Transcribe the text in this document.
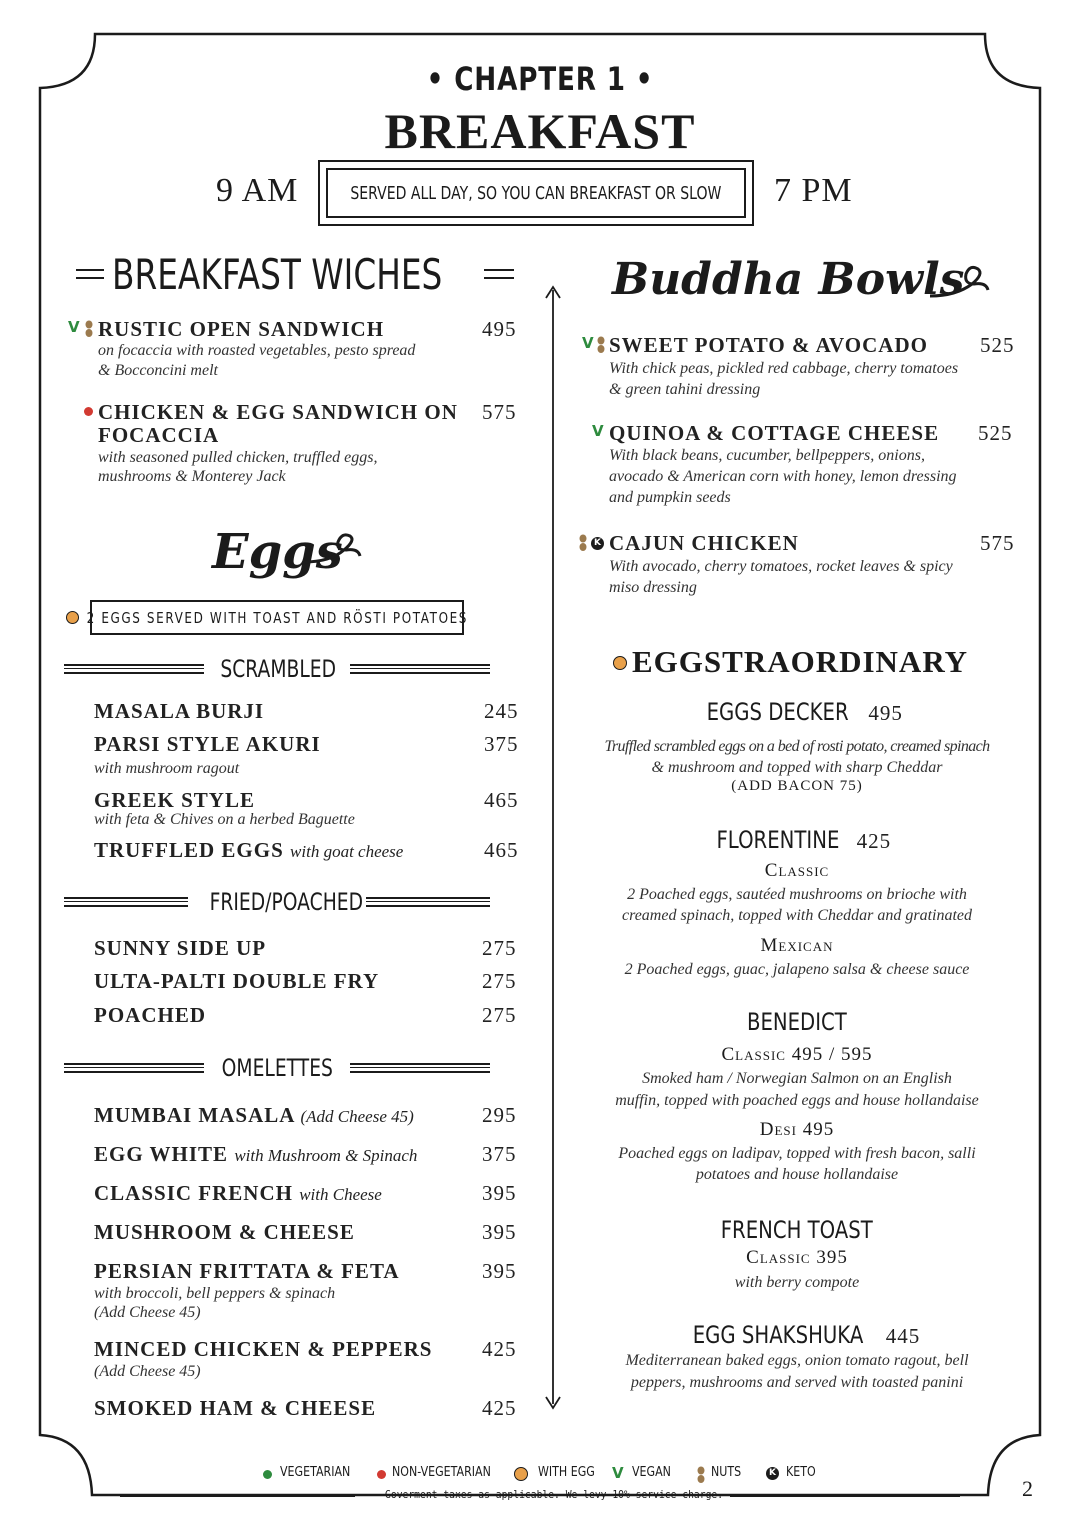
• CHAPTER 1 •
BREAKFAST
9 AM	SERVED ALL DAY, SO YOU CAN BREAKFAST OR SLOW 7 PM
BREAKFAST WICHES
V RUSTIC OPEN SANDWICH	495
on focaccia with roasted vegetables, pesto spread
& Bocconcini melt
CHICKEN & EGG SANDWICH ON
FOCACCIA
575
with seasoned pulled chicken, truffled eggs,
mushrooms & Monterey Jack
Eggs
2 EGGS SERVED WITH TOAST AND RÖSTI POTATOES
SCRAMBLED
MASALA BURJI	245
PARSI STYLE AKURI	375
with mushroom ragout
GREEK STYLE	465
with feta & Chives on a herbed Baguette
TRUFFLED EGGS with goat cheese	465
FRIED/POACHED
SUNNY SIDE UP	275
ULTA-PALTI DOUBLE FRY	275
POACHED	275
OMELETTES
MUMBAI MASALA (Add Cheese 45)	295
EGG WHITE with Mushroom & Spinach	375
CLASSIC FRENCH with Cheese	395
MUSHROOM & CHEESE	395
PERSIAN FRITTATA & FETA	395
with broccoli, bell peppers & spinach
(Add Cheese 45)
MINCED CHICKEN & PEPPERS 425
(Add Cheese 45)
SMOKED HAM & CHEESE	425
Buddha Bowls
V SWEET POTATO & AVOCADO 525
With chick peas, pickled red cabbage, cherry tomatoes
& green tahini dressing
V QUINOA & COTTAGE CHEESE 525
With black beans, cucumber, bellpeppers, onions,
avocado & American corn with honey, lemon dressing
and pumpkin seeds
K CAJUN CHICKEN	575
With avocado, cherry tomatoes, rocket leaves & spicy
miso dressing
EGGSTRAORDINARY
EGGS DECKER 495
Truffled scrambled eggs on a bed of rosti potato, creamed spinach
& mushroom and topped with sharp Cheddar
(ADD BACON 75)
FLORENTINE 425
Classic
2 Poached eggs, sautéed mushrooms on brioche with
creamed spinach, topped with Cheddar and gratinated
Mexican
2 Poached eggs, guac, jalapeno salsa & cheese sauce
BENEDICT
Classic 495 / 595
Smoked ham / Norwegian Salmon on an English
muffin, topped with poached eggs and house hollandaise
Desi 495
Poached eggs on ladipav, topped with fresh bacon, salli
potatoes and house hollandaise
FRENCH TOAST
Classic 395
with berry compote
EGG SHAKSHUKA 445
Mediterranean baked eggs, onion tomato ragout, bell
peppers, mushrooms and served with toasted panini
VEGETARIAN	NON-VEGETARIAN	WITH EGG	V VEGAN	NUTS	K KETO
Goverment taxes as applicable. We levy 10% service charge.	2
